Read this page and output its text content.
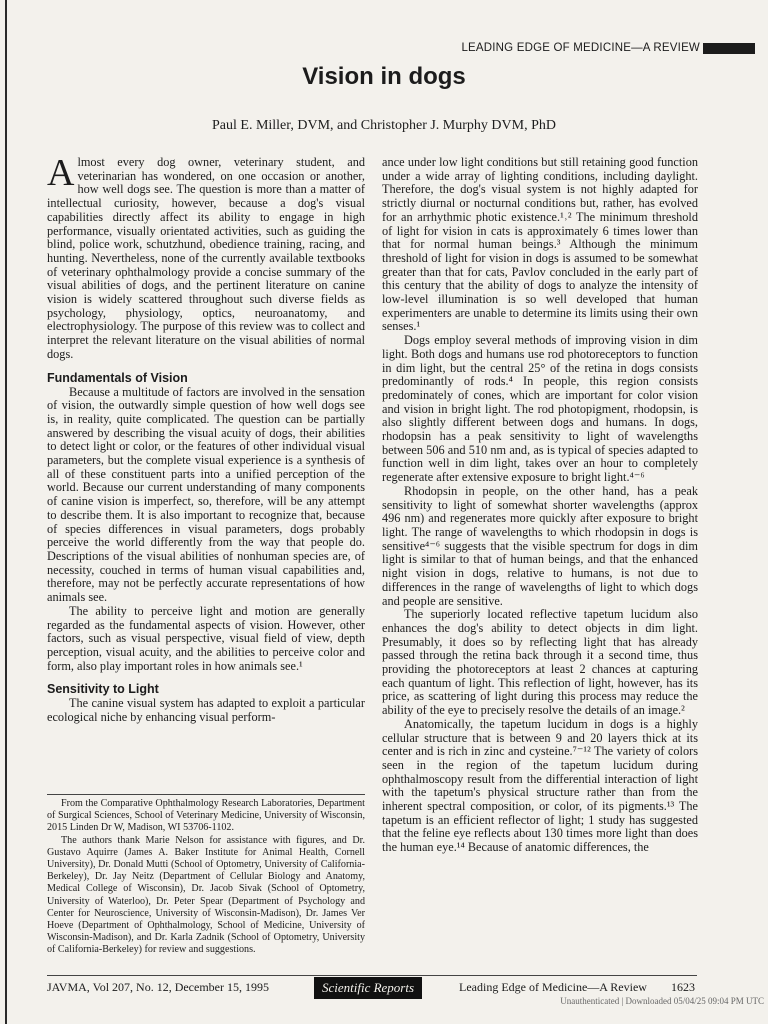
LEADING EDGE OF MEDICINE—A REVIEW
Vision in dogs
Paul E. Miller, DVM, and Christopher J. Murphy DVM, PhD

Almost every dog owner, veterinary student, and veterinarian has wondered, on one occasion or another, how well dogs see. The question is more than a matter of intellectual curiosity, however, because a dog's visual capabilities directly affect its ability to engage in high performance, visually orientated activities, such as guiding the blind, police work, schutzhund, obedience training, racing, and hunting. Nevertheless, none of the currently available textbooks of veterinary ophthalmology provide a concise summary of the visual abilities of dogs, and the pertinent literature on canine vision is widely scattered throughout such diverse fields as psychology, physiology, optics, neuroanatomy, and electrophysiology. The purpose of this review was to collect and interpret the relevant literature on the visual abilities of normal dogs.

Fundamentals of Vision

Because a multitude of factors are involved in the sensation of vision, the outwardly simple question of how well dogs see is, in reality, quite complicated. The question can be partially answered by describing the visual acuity of dogs, their abilities to detect light or color, or the features of other individual visual parameters, but the complete visual experience is a synthesis of all of these constituent parts into a unified perception of the world. Because our current understanding of many components of canine vision is imperfect, so, therefore, will be any attempt to describe them. It is also important to recognize that, because of species differences in visual parameters, dogs probably perceive the world differently from the way that people do. Descriptions of the visual abilities of nonhuman species are, of necessity, couched in terms of human visual capabilities and, therefore, may not be perfectly accurate representations of how animals see.

The ability to perceive light and motion are generally regarded as the fundamental aspects of vision. However, other factors, such as visual perspective, visual field of view, depth perception, visual acuity, and the abilities to perceive color and form, also play important roles in how animals see.¹

Sensitivity to Light

The canine visual system has adapted to exploit a particular ecological niche by enhancing visual perform-

From the Comparative Ophthalmology Research Laboratories, Department of Surgical Sciences, School of Veterinary Medicine, University of Wisconsin, 2015 Linden Dr W, Madison, WI 53706-1102.

The authors thank Marie Nelson for assistance with figures, and Dr. Gustavo Aquirre (James A. Baker Institute for Animal Health, Cornell University), Dr. Donald Mutti (School of Optometry, University of California-Berkeley), Dr. Jay Neitz (Department of Cellular Biology and Anatomy, Medical College of Wisconsin), Dr. Jacob Sivak (School of Optometry, University of Waterloo), Dr. Peter Spear (Department of Psychology and Center for Neuroscience, University of Wisconsin-Madison), Dr. James Ver Hoeve (Department of Ophthalmology, School of Medicine, University of Wisconsin-Madison), and Dr. Karla Zadnik (School of Optometry, University of California-Berkeley) for review and suggestions.

ance under low light conditions but still retaining good function under a wide array of lighting conditions, including daylight. Therefore, the dog's visual system is not highly adapted for strictly diurnal or nocturnal conditions but, rather, has evolved for an arrhythmic photic existence.¹˒² The minimum threshold of light for vision in cats is approximately 6 times lower than that for normal human beings.³ Although the minimum threshold of light for vision in dogs is assumed to be somewhat greater than that for cats, Pavlov concluded in the early part of this century that the ability of dogs to analyze the intensity of low-level illumination is so well developed that human experimenters are unable to determine its limits using their own senses.¹

Dogs employ several methods of improving vision in dim light. Both dogs and humans use rod photoreceptors to function in dim light, but the central 25° of the retina in dogs consists predominantly of rods.⁴ In people, this region consists predominately of cones, which are important for color vision and vision in bright light. The rod photopigment, rhodopsin, is also slightly different between dogs and humans. In dogs, rhodopsin has a peak sensitivity to light of wavelengths between 506 and 510 nm and, as is typical of species adapted to function well in dim light, takes over an hour to completely regenerate after extensive exposure to bright light.⁴⁻⁶

Rhodopsin in people, on the other hand, has a peak sensitivity to light of somewhat shorter wavelengths (approx 496 nm) and regenerates more quickly after exposure to bright light. The range of wavelengths to which rhodopsin in dogs is sensitive⁴⁻⁶ suggests that the visible spectrum for dogs in dim light is similar to that of human beings, and that the enhanced night vision in dogs, relative to humans, is not due to differences in the range of wavelengths of light to which dogs and people are sensitive.

The superiorly located reflective tapetum lucidum also enhances the dog's ability to detect objects in dim light. Presumably, it does so by reflecting light that has already passed through the retina back through it a second time, thus providing the photoreceptors at least 2 chances at capturing each quantum of light. This reflection of light, however, has its price, as scattering of light during this process may reduce the ability of the eye to precisely resolve the details of an image.²

Anatomically, the tapetum lucidum in dogs is a highly cellular structure that is between 9 and 20 layers thick at its center and is rich in zinc and cysteine.⁷⁻¹² The variety of colors seen in the region of the tapetum lucidum during ophthalmoscopy result from the differential interaction of light with the tapetum's physical structure rather than from the inherent spectral composition, or color, of its pigments.¹³ The tapetum is an efficient reflector of light; 1 study has suggested that the feline eye reflects about 130 times more light than does the human eye.¹⁴ Because of anatomic differences, the

JAVMA, Vol 207, No. 12, December 15, 1995	Scientific Reports	Leading Edge of Medicine—A Review 1623
Unauthenticated | Downloaded 05/04/25 09:04 PM UTC
